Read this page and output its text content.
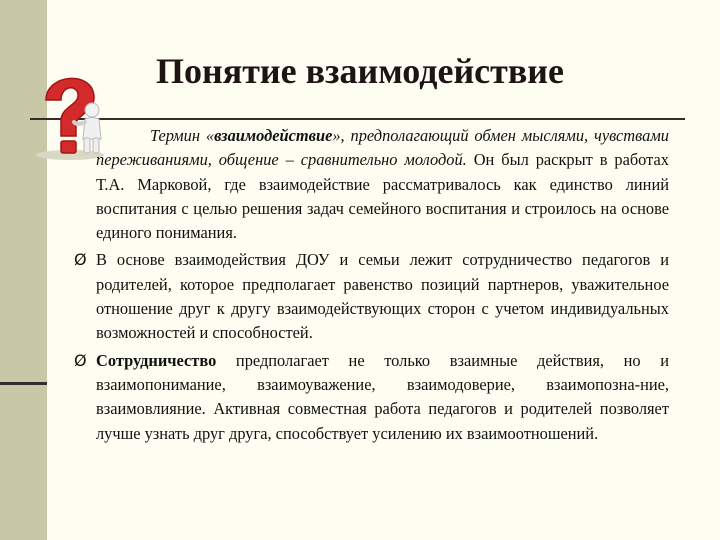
Понятие взаимодействие

Термин «взаимодействие», предполагающий обмен мыслями, чувствами переживаниями, общение – сравнительно молодой. Он был раскрыт в работах Т.А. Марковой, где взаимодействие рассматривалось как единство линий воспитания с целью решения задач семейного воспитания и строилось на основе единого понимания.

Ø В основе взаимодействия ДОУ и семьи лежит сотрудничество педагогов и родителей, которое предполагает равенство позиций партнеров, уважительное отношение друг к другу взаимодействующих сторон с учетом индивидуальных возможностей и способностей.

Ø Сотрудничество предполагает не только взаимные действия, но и взаимопонимание, взаимоуважение, взаимодоверие, взаимопозна-ние, взаимовлияние. Активная совместная работа педагогов и родителей позволяет лучше узнать друг друга, способствует усилению их взаимоотношений.
